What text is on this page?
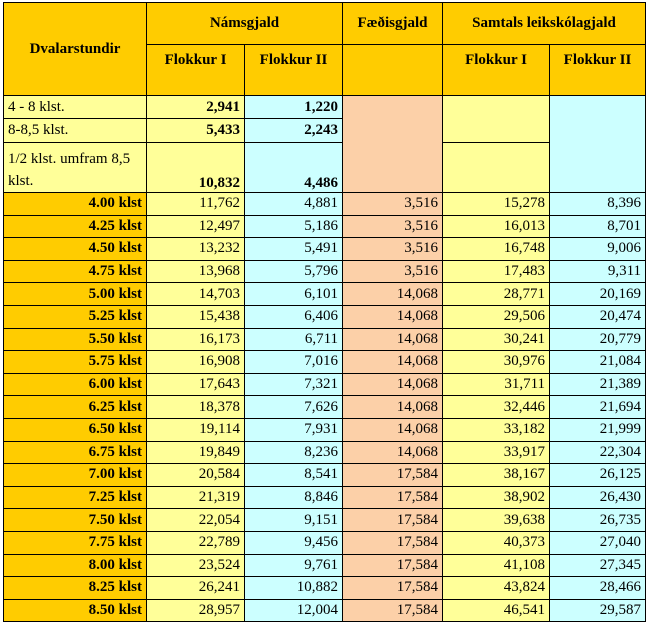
Dvalarstundir	Námsgjald		Fæðisgjald	Samtals leikskólagjald	
	Flokkur I	Flokkur II		Flokkur I	Flokkur II
4 - 8 klst.	2,941	1,220			
8-8,5 klst.	5,433	2,243			
1/2 klst. umfram 8,5 klst.	10,832	4,486			
4.00 klst	11,762	4,881	3,516	15,278	8,396
4.25 klst	12,497	5,186	3,516	16,013	8,701
4.50 klst	13,232	5,491	3,516	16,748	9,006
4.75 klst	13,968	5,796	3,516	17,483	9,311
5.00 klst	14,703	6,101	14,068	28,771	20,169
5.25 klst	15,438	6,406	14,068	29,506	20,474
5.50 klst	16,173	6,711	14,068	30,241	20,779
5.75 klst	16,908	7,016	14,068	30,976	21,084
6.00 klst	17,643	7,321	14,068	31,711	21,389
6.25 klst	18,378	7,626	14,068	32,446	21,694
6.50 klst	19,114	7,931	14,068	33,182	21,999
6.75 klst	19,849	8,236	14,068	33,917	22,304
7.00 klst	20,584	8,541	17,584	38,167	26,125
7.25 klst	21,319	8,846	17,584	38,902	26,430
7.50 klst	22,054	9,151	17,584	39,638	26,735
7.75 klst	22,789	9,456	17,584	40,373	27,040
8.00 klst	23,524	9,761	17,584	41,108	27,345
8.25 klst	26,241	10,882	17,584	43,824	28,466
8.50 klst	28,957	12,004	17,584	46,541	29,587
